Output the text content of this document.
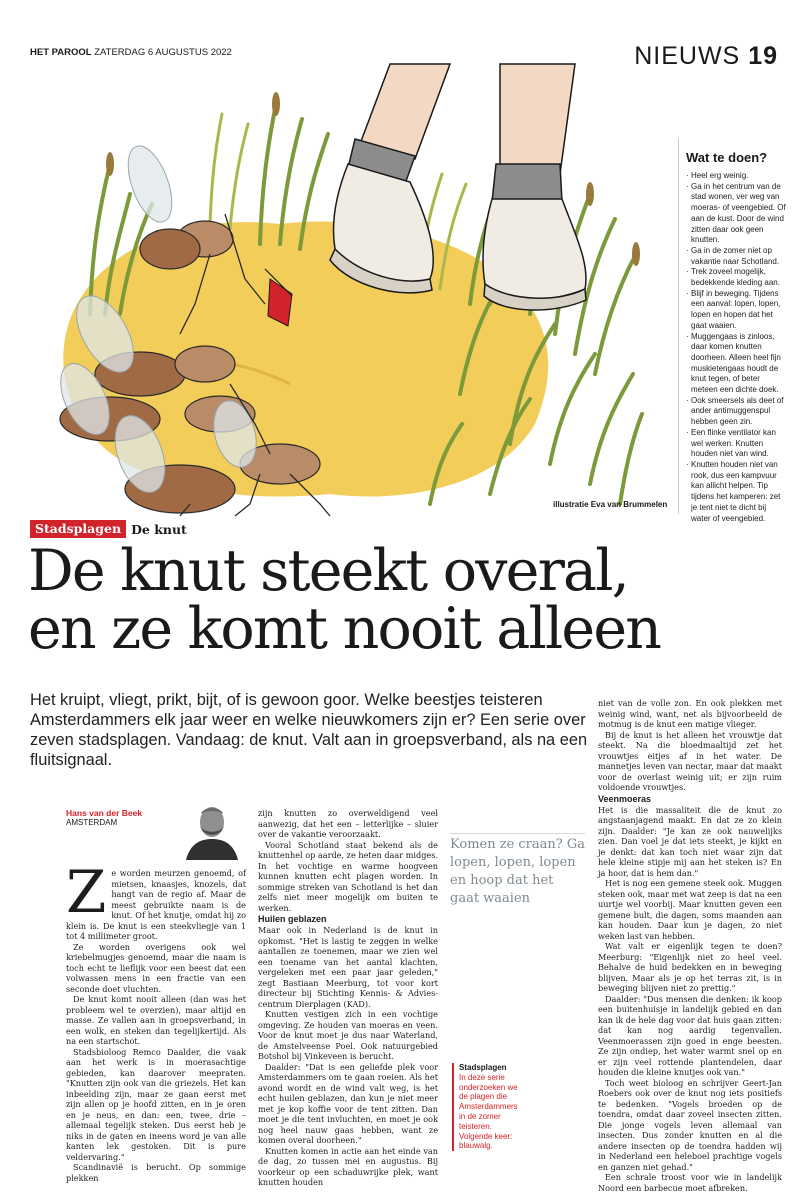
HET PAROOL ZATERDAG 6 AUGUSTUS 2022	NIEUWS 19
illustratie Eva van Brummelen
Wat te doen?
· Heel erg weinig.
· Ga in het centrum van de stad wonen, ver weg van moeras- of veengebied. Of aan de kust. Door de wind zitten daar ook geen knutten.
· Ga in de zomer niet op vakantie naar Schotland.
· Trek zoveel mogelijk, bedekkende kleding aan.
· Blijf in beweging. Tijdens een aanval: lopen, lopen, lopen en hopen dat het gaat waaien.
· Muggengaas is zinloos, daar komen knutten doorheen. Alleen heel fijn muskietengaas houdt de knut tegen, of beter meteen een dichte doek.
· Ook smeersels als deet of ander antimuggenspul hebben geen zin.
· Een flinke ventilator kan wel werken. Knutten houden niet van wind.
· Knutten houden niet van rook, dus een kampvuur kan allicht helpen. Tip tijdens het kamperen: zet je tent niet te dicht bij water of veengebied.
Stadsplagen De knut
De knut steekt overal,
en ze komt nooit alleen

Het kruipt, vliegt, prikt, bijt, of is gewoon goor. Welke beestjes teisteren Amsterdammers elk jaar weer en welke nieuwkomers zijn er? Een serie over zeven stadsplagen. Vandaag: de knut. Valt aan in groepsverband, als na een fluitsignaal.

Hans van der Beek
AMSTERDAM

Ze worden meurzen genoemd, of mietsen, knaasjes, knozels, dat hangt van de regio af. Maar de meest gebruikte naam is de knut. Of het knutje, omdat hij zo klein is. De knut is een steekvliegje van 1 tot 4 millimeter groot.

Ze worden overigens ook wel kriebelmugjes genoemd, maar die naam is toch echt te lieflijk voor een beest dat een volwassen mens in een fractie van een seconde doet vluchten.

De knut komt nooit alleen (dan was het probleem wel te overzien), maar altijd en masse. Ze vallen aan in groepsverband, in een wolk, en steken dan tegelijkertijd. Als na een startschot.

Stadsbioloog Remco Daalder, die vaak aan het werk is in moerasachtige gebieden, kan daarover meepraten. "Knutten zijn ook van die griezels. Het kan inbeelding zijn, maar ze gaan eerst met zijn allen op je hoofd zitten, en in je oren en je neus, en dan: een, twee, drie – allemaal tegelijk steken. Dus eerst heb je niks in de gaten en ineens word je van alle kanten lek gestoken. Dit is pure veldervaring."

Scandinavië is berucht. Op sommige plekken

zijn knutten zo overweldigend veel aanwezig, dat het een – letterlijke – sluier over de vakantie veroorzaakt.

Vooral Schotland staat bekend als de knuttenhel op aarde, ze heten daar midges. In het vochtige en warme hoogveen kunnen knutten echt plagen worden. In sommige streken van Schotland is het dan zelfs niet meer mogelijk om buiten te werken.

Huilen geblazen

Maar ook in Nederland is de knut in opkomst. "Het is lastig te zeggen in welke aantallen ze toenemen, maar we zien wel een toename van het aantal klachten, vergeleken met een paar jaar geleden," zegt Bastiaan Meerburg, tot voor kort directeur bij Stichting Kennis- & Adviescentrum Dierplagen (KAD).

Knutten vestigen zich in een vochtige omgeving. Ze houden van moeras en veen. Voor de knut moet je dus naar Waterland, de Amstelveense Poel. Ook natuurgebied Botshol bij Vinkeveen is berucht.

Daalder: "Dat is een geliefde plek voor Amsterdammers om te gaan roeien. Als het avond wordt en de wind valt weg, is het echt huilen geblazen, dan kun je niet meer met je kop koffie voor de tent zitten. Dan moet je die tent invluchten, en moet je ook nog heel nauw gaas hebben, want ze komen overal doorheen."

Knutten komen in actie aan het einde van de dag, zo tussen mei en augustus. Bij voorkeur op een schaduwrijke plek, want knutten houden

Komen ze craan? Ga lopen, lopen, lopen en hoop dat het gaat waaien
Stadsplagen
In deze serie onderzoeken we de plagen die Amsterdammers in de zomer teisteren. Volgende keer: blauwalg.

niet van de volle zon. En ook plekken met weinig wind, want, net als bijvoorbeeld de motmug is de knut een matige vlieger.

Bij de knut is het alleen het vrouwtje dat steekt. Na die bloedmaaltijd zet het vrouwtjes eitjes af in het water. De mannetjes leven van nectar, maar dat maakt voor de overlast weinig uit; er zijn ruim voldoende vrouwtjes.

Veenmoeras

Het is die massaliteit die de knut zo angstaanjagend maakt. En dat ze zo klein zijn. Daalder: "Je kan ze ook nauwelijks zien. Dan voel je dat iets steekt, je kijkt en je denkt: dat kan toch niet waar zijn dat hele kleine stipje mij aan het steken is? En ja hoor, dat is hem dan."

Het is nog een gemene steek ook. Muggen steken ook, maar met wat zeep is dat na een uurtje wel voorbij. Maar knutten geven een gemene bult, die dagen, soms maanden aan kan houden. Daar kun je dagen, zo niet weken last van hebben.

Wat valt er eigenlijk tegen te doen? Meerburg: "Eigenlijk niet zo heel veel. Behalve de huid bedekken en in beweging blijven. Maar als je op het terras zit, is in beweging blijven niet zo prettig."

Daalder: "Dus mensen die denken: ik koop een buitenhuisje in landelijk gebied en dan kan ik de hele dag voor dat huis gaan zitten: dat kan nog aardig tegenvallen. Veenmoerassen zijn goed in enge beesten. Ze zijn ondiep, het water warmt snel op en er zijn veel rottende plantendelen, daar houden die kleine knutjes ook van."

Toch weet bioloog en schrijver Geert-Jan Roebers ook over de knut nog iets positiefs te bedenken. "Vogels broeden op de toendra, omdat daar zoveel insecten zitten. Die jonge vogels leven allemaal van insecten. Dus zonder knutten en al die andere insecten op de toendra hadden wij in Nederland een heleboel prachtige vogels en ganzen niet gehad."

Een schrale troost voor wie in landelijk Noord een barbecue moet afbreken.
